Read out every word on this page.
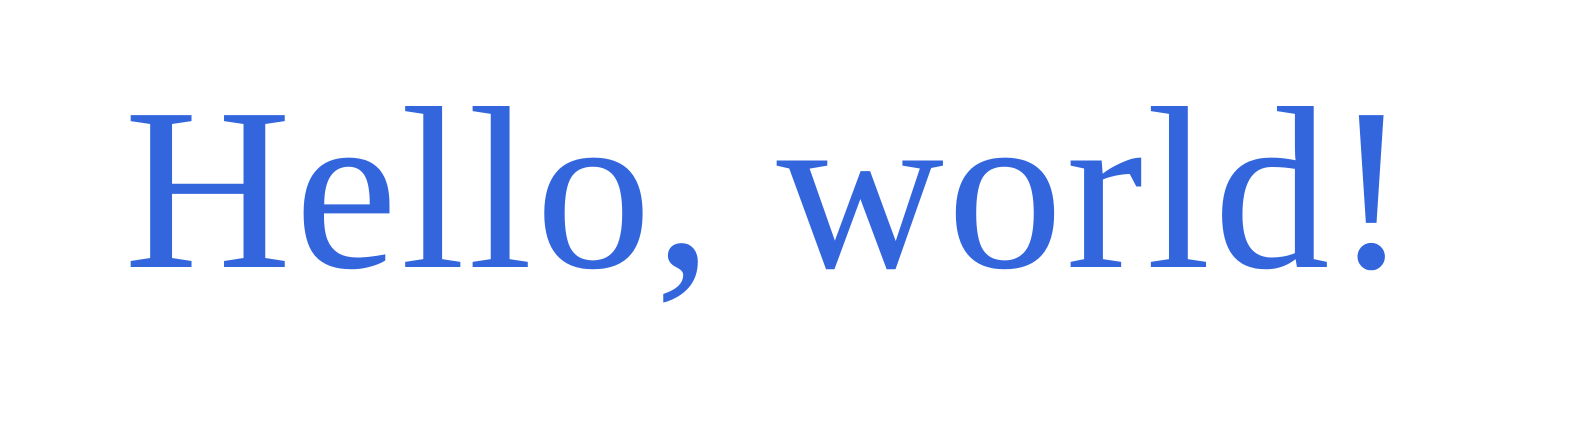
Hello, world!
